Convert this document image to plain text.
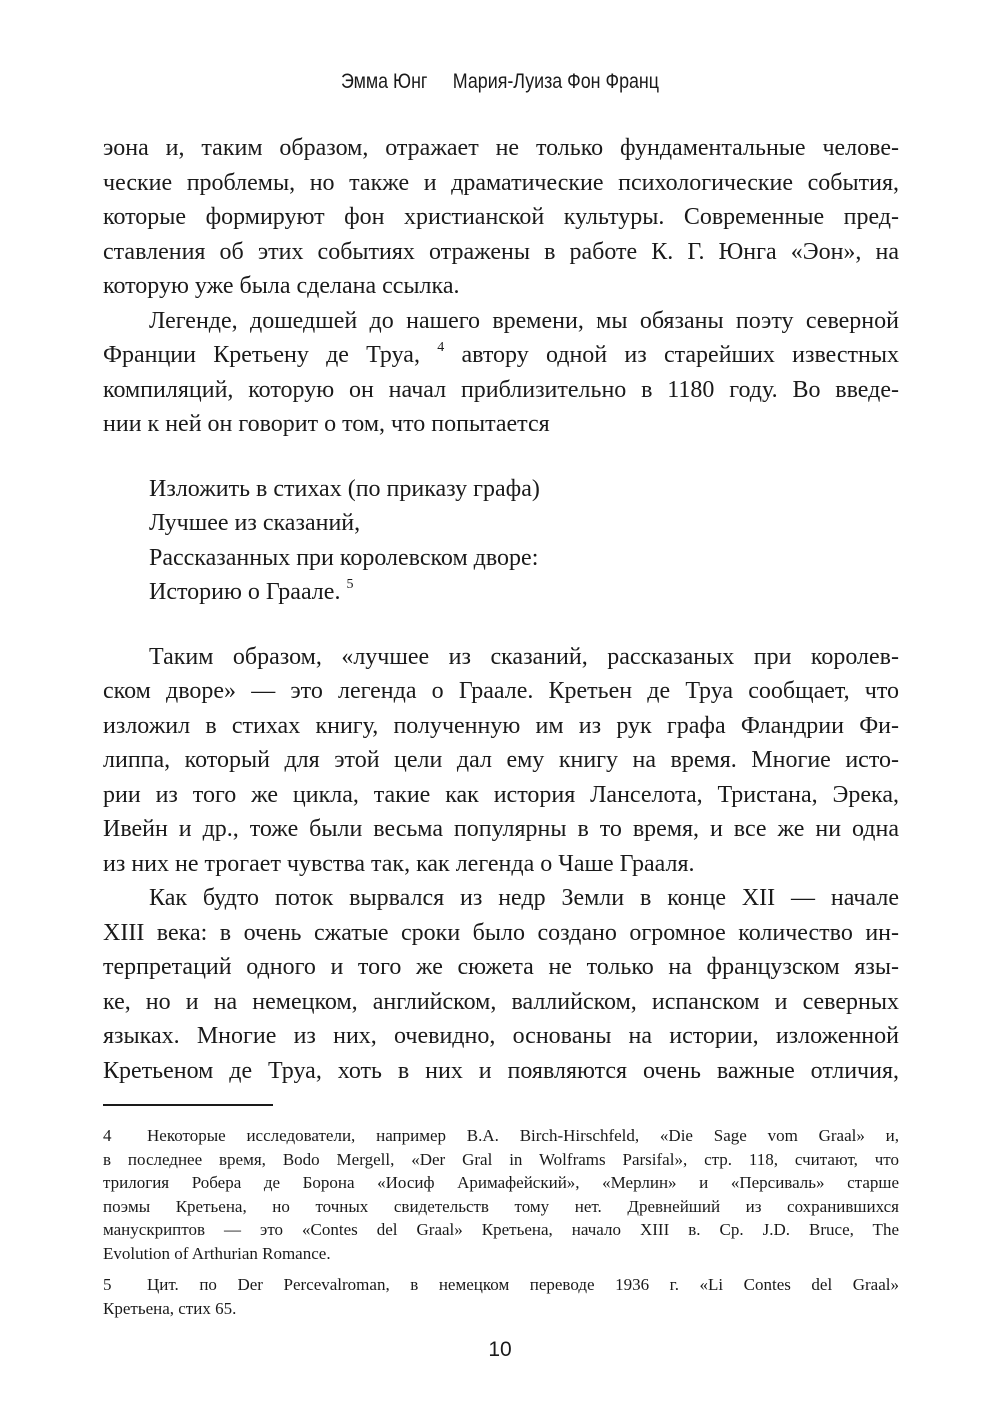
Эмма Юнг Мария-Луиза Фон Франц
эона и, таким образом, отражает не только фундаментальные челове-
ческие проблемы, но также и драматические психологические события,
которые формируют фон христианской культуры. Современные пред-
ставления об этих событиях отражены в работе К. Г. Юнга «Эон», на
которую уже была сделана ссылка.
Легенде, дошедшей до нашего времени, мы обязаны поэту северной
Франции Кретьену де Труа, $^4$ автору одной из старейших известных
компиляций, которую он начал приблизительно в 1180 году. Во введе-
нии к ней он говорит о том, что попытается
Изложить в стихах (по приказу графа)
Лучшее из сказаний,
Рассказанных при королевском дворе:
Историю о Граале. $^5$
Таким образом, «лучшее из сказаний, рассказаных при королев-
ском дворе» — это легенда о Граале. Кретьен де Труа сообщает, что
изложил в стихах книгу, полученную им из рук графа Фландрии Фи-
липпа, который для этой цели дал ему книгу на время. Многие исто-
рии из того же цикла, такие как история Ланселота, Тристана, Эрека,
Ивейн и др., тоже были весьма популярны в то время, и все же ни одна
из них не трогает чувства так, как легенда о Чаше Грааля.
Как будто поток вырвался из недр Земли в конце XII — начале
XIII века: в очень сжатые сроки было создано огромное количество ин-
терпретаций одного и того же сюжета не только на французском язы-
ке, но и на немецком, английском, валлийском, испанском и северных
языках. Многие из них, очевидно, основаны на истории, изложенной
Кретьеном де Труа, хоть в них и появляются очень важные отличия,
4 Некоторые исследователи, например B.A. Birch-Hirschfeld, «Die Sage vom Graal» и,
в последнее время, Bodo Mergell, «Der Gral in Wolframs Parsifal», стр. 118, считают, что
трилогия Робера де Борона «Иосиф Аримафейский», «Мерлин» и «Персиваль» старше
поэмы Кретьена, но точных свидетельств тому нет. Древнейший из сохранившихся
манускриптов — это «Contes del Graal» Кретьена, начало XIII в. Ср. J.D. Bruce, The
Evolution of Arthurian Romance.
5 Цит. по Der Percevalroman, в немецком переводе 1936 г. «Li Contes del Graal»
Кретьена, стих 65.
10
